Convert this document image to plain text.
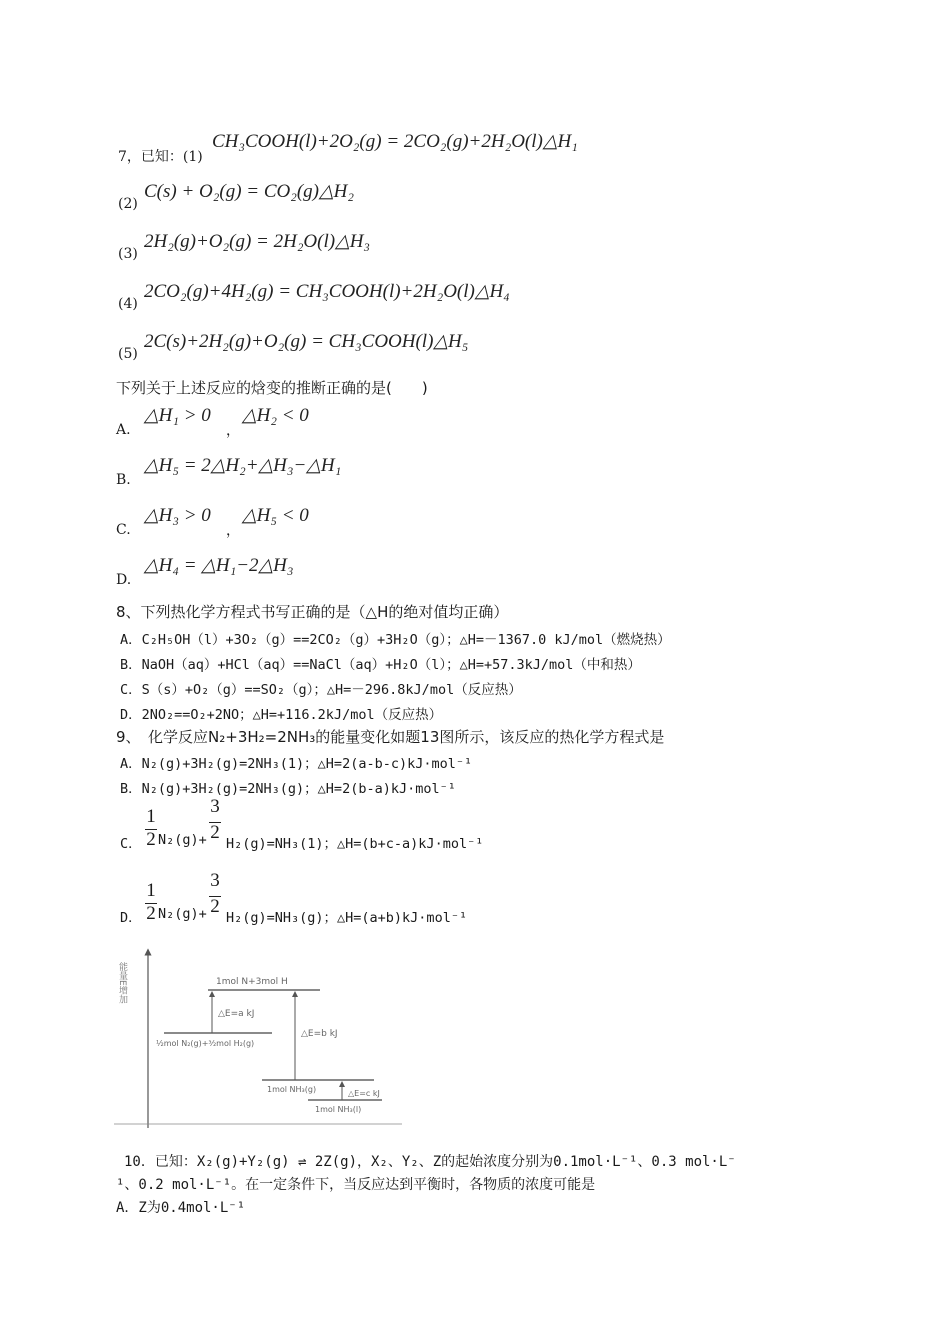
7，已知：(1)
CH₃COOH(l)+2O₂(g) = 2CO₂(g)+2H₂O(l)△H₁
(2)
C(s) + O₂(g) = CO₂(g)△H₂
(3)
2H₂(g)+O₂(g) = 2H₂O(l)△H₃
(4)
2CO₂(g)+4H₂(g) = CH₃COOH(l)+2H₂O(l)△H₄
(5)
2C(s)+2H₂(g)+O₂(g) = CH₃COOH(l)△H₅
下列关于上述反应的焓变的推断正确的是(　　)
A.
△H₁ > 0
，
△H₂ < 0
B.
△H₅ = 2△H₂+△H₃−△H₁
C.
△H₃ > 0
，
△H₅ < 0
D.
△H₄ = △H₁−2△H₃
8、下列热化学方程式书写正确的是（△H的绝对值均正确）
A．C₂H₅OH（l）+3O₂（g）==2CO₂（g）+3H₂O（g）；△H=－1367.0 kJ/mol（燃烧热）
B．NaOH（aq）+HCl（aq）==NaCl（aq）+H₂O（l）；△H=+57.3kJ/mol（中和热）
C．S（s）+O₂（g）==SO₂（g）；△H=－296.8kJ/mol（反应热）
D．2NO₂==O₂+2NO；△H=+116.2kJ/mol（反应热）
9、　化学反应N₂+3H₂=2NH₃的能量变化如题13图所示，该反应的热化学方程式是
A．N₂(g)+3H₂(g)=2NH₃(1)；△H=2(a-b-c)kJ·mol⁻¹
B．N₂(g)+3H₂(g)=2NH₃(g)；△H=2(b-a)kJ·mol⁻¹
C．
1
2 N₂(g)+
3
2
H₂(g)=NH₃(1)；△H=(b+c-a)kJ·mol⁻¹
D．
1
2 N₂(g)+
3
2
H₂(g)=NH₃(g)；△H=(a+b)kJ·mol⁻¹
能量E增加	1mol N+3mol H
½mol N₂(g)+³⁄₂mol H₂(g)
△E=a kJ
1mol NH₃(g)
△E=b kJ
1mol NH₃(l)
△E=c kJ
10．已知：X₂(g)+Y₂(g) ⇌ 2Z(g)，X₂、Y₂、Z的起始浓度分别为0.1mol·L⁻¹、0.3 mol·L⁻
¹、0.2 mol·L⁻¹。在一定条件下，当反应达到平衡时，各物质的浓度可能是
A．Z为0.4mol·L⁻¹
